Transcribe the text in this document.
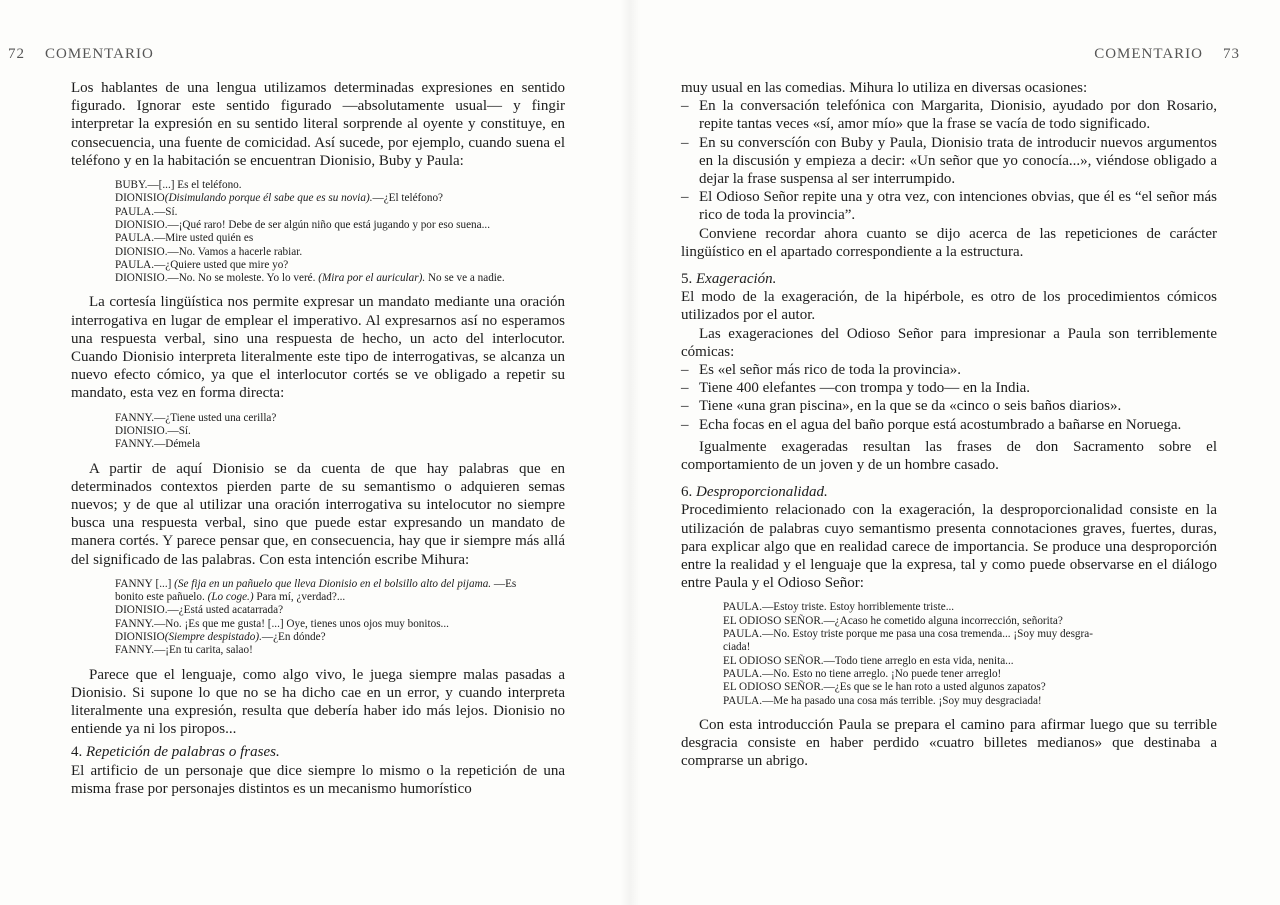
72 COMENTARIO

Los hablantes de una lengua utilizamos determinadas expresiones en sentido figurado. Ignorar este sentido figurado —absolutamente usual— y fingir interpretar la expresión en su sentido literal sorprende al oyente y constituye, en consecuencia, una fuente de comicidad. Así sucede, por ejemplo, cuando suena el teléfono y en la habitación se encuentran Dionisio, Buby y Paula:

BUBY.—[...] Es el teléfono.
DIONISIO(Disimulando porque él sabe que es su novia).—¿El teléfono?
PAULA.—Sí.
DIONISIO.—¡Qué raro! Debe de ser algún niño que está jugando y por eso suena...
PAULA.—Mire usted quién es
DIONISIO.—No. Vamos a hacerle rabiar.
PAULA.—¿Quiere usted que mire yo?
DIONISIO.—No. No se moleste. Yo lo veré. (Mira por el auricular). No se ve a nadie.

La cortesía lingüística nos permite expresar un mandato mediante una oración interrogativa en lugar de emplear el imperativo. Al expresarnos así no esperamos una respuesta verbal, sino una respuesta de hecho, un acto del interlocutor. Cuando Dionisio interpreta literalmente este tipo de interrogativas, se alcanza un nuevo efecto cómico, ya que el interlocutor cortés se ve obligado a repetir su mandato, esta vez en forma directa:

FANNY.—¿Tiene usted una cerilla?
DIONISIO.—Sí.
FANNY.—Démela

A partir de aquí Dionisio se da cuenta de que hay palabras que en determinados contextos pierden parte de su semantismo o adquieren semas nuevos; y de que al utilizar una oración interrogativa su intelocutor no siempre busca una respuesta verbal, sino que puede estar expresando un mandato de manera cortés. Y parece pensar que, en consecuencia, hay que ir siempre más allá del significado de las palabras. Con esta intención escribe Mihura:

FANNY [...] (Se fija en un pañuelo que lleva Dionisio en el bolsillo alto del pijama. —Es
bonito este pañuelo. (Lo coge.) Para mí, ¿verdad?...
DIONISIO.—¿Está usted acatarrada?
FANNY.—No. ¡Es que me gusta! [...] Oye, tienes unos ojos muy bonitos...
DIONISIO(Siempre despistado).—¿En dónde?
FANNY.—¡En tu carita, salao!

Parece que el lenguaje, como algo vivo, le juega siempre malas pasadas a Dionisio. Si supone lo que no se ha dicho cae en un error, y cuando interpreta literalmente una expresión, resulta que debería haber ido más lejos. Dionisio no entiende ya ni los piropos...

4. Repetición de palabras o frases.

El artificio de un personaje que dice siempre lo mismo o la repetición de una misma frase por personajes distintos es un mecanismo humorístico

COMENTARIO 73

muy usual en las comedias. Mihura lo utiliza en diversas ocasiones:

– En la conversación telefónica con Margarita, Dionisio, ayudado por don Rosario, repite tantas veces «sí, amor mío» que la frase se vacía de todo significado.
– En su converscíón con Buby y Paula, Dionisio trata de introducir nuevos argumentos en la discusión y empieza a decir: «Un señor que yo conocía...», viéndose obligado a dejar la frase suspensa al ser interrumpido.
– El Odioso Señor repite una y otra vez, con intenciones obvias, que él es “el señor más rico de toda la provincia”.

Conviene recordar ahora cuanto se dijo acerca de las repeticiones de carácter lingüístico en el apartado correspondiente a la estructura.

5. Exageración.

El modo de la exageración, de la hipérbole, es otro de los procedimientos cómicos utilizados por el autor.

Las exageraciones del Odioso Señor para impresionar a Paula son terriblemente cómicas:

– Es «el señor más rico de toda la provincia».
– Tiene 400 elefantes —con trompa y todo— en la India.
– Tiene «una gran piscina», en la que se da «cinco o seis baños diarios».
– Echa focas en el agua del baño porque está acostumbrado a bañarse en Noruega.

Igualmente exageradas resultan las frases de don Sacramento sobre el comportamiento de un joven y de un hombre casado.

6. Desproporcionalidad.

Procedimiento relacionado con la exageración, la desproporcionalidad consiste en la utilización de palabras cuyo semantismo presenta connotaciones graves, fuertes, duras, para explicar algo que en realidad carece de importancia. Se produce una desproporción entre la realidad y el lenguaje que la expresa, tal y como puede observarse en el diálogo entre Paula y el Odioso Señor:

PAULA.—Estoy triste. Estoy horriblemente triste...
EL ODIOSO SEÑOR.—¿Acaso he cometido alguna incorrección, señorita?
PAULA.—No. Estoy triste porque me pasa una cosa tremenda... ¡Soy muy desgra-
ciada!
EL ODIOSO SEÑOR.—Todo tiene arreglo en esta vida, nenita...
PAULA.—No. Esto no tiene arreglo. ¡No puede tener arreglo!
EL ODIOSO SEÑOR.—¿Es que se le han roto a usted algunos zapatos?
PAULA.—Me ha pasado una cosa más terrible. ¡Soy muy desgraciada!

Con esta introducción Paula se prepara el camino para afirmar luego que su terrible desgracia consiste en haber perdido «cuatro billetes medianos» que destinaba a comprarse un abrigo.
